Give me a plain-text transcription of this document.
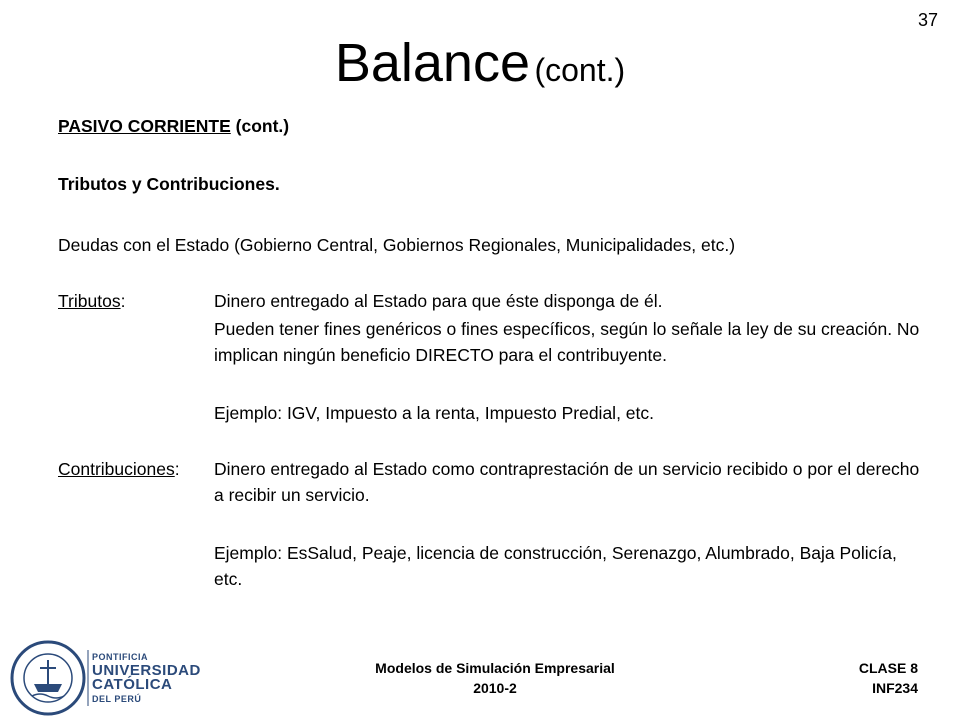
37
Balance (cont.)
PASIVO CORRIENTE (cont.)
Tributos y Contribuciones.
Deudas con el Estado (Gobierno Central, Gobiernos Regionales, Municipalidades, etc.)
Tributos:	Dinero entregado al Estado para que éste disponga de él.
Pueden tener fines genéricos o fines específicos, según lo señale la ley de su creación. No implican ningún beneficio DIRECTO para el contribuyente.
Ejemplo: IGV, Impuesto a la renta, Impuesto Predial, etc.
Contribuciones: Dinero entregado al Estado como contraprestación de un servicio recibido o por el derecho a recibir un servicio.
Ejemplo: EsSalud, Peaje, licencia de construcción, Serenazgo, Alumbrado, Baja Policía, etc.
PONTIFICIA
UNIVERSIDAD
CATÓLICA
DEL PERÚ
Modelos de Simulación Empresarial
2010-2
CLASE 8
INF234
